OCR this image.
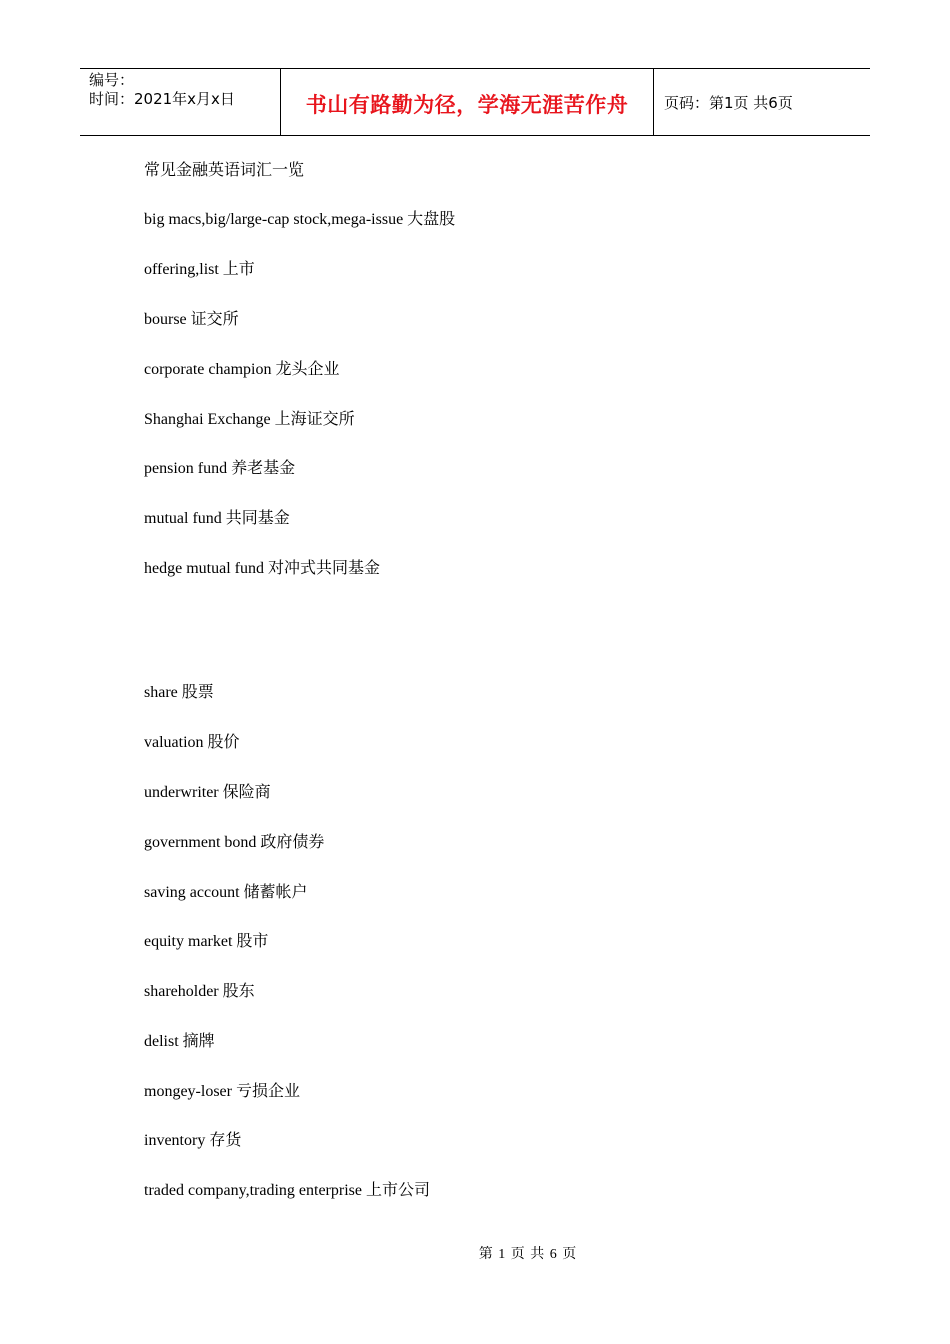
编号：
时间：2021年x月x日	书山有路勤为径，学海无涯苦作舟 页码：第1页 共6页
常见金融英语词汇一览
big macs,big/large-cap stock,mega-issue 大盘股
offering,list 上市
bourse 证交所
corporate champion 龙头企业
Shanghai Exchange 上海证交所
pension fund 养老基金
mutual fund 共同基金
hedge mutual fund 对冲式共同基金
share 股票
valuation 股价
underwriter 保险商
government bond 政府债券
saving account 储蓄帐户
equity market 股市
shareholder 股东
delist 摘牌
mongey-loser 亏损企业
inventory 存货
traded company,trading enterprise 上市公司
第 1 页 共 6 页
